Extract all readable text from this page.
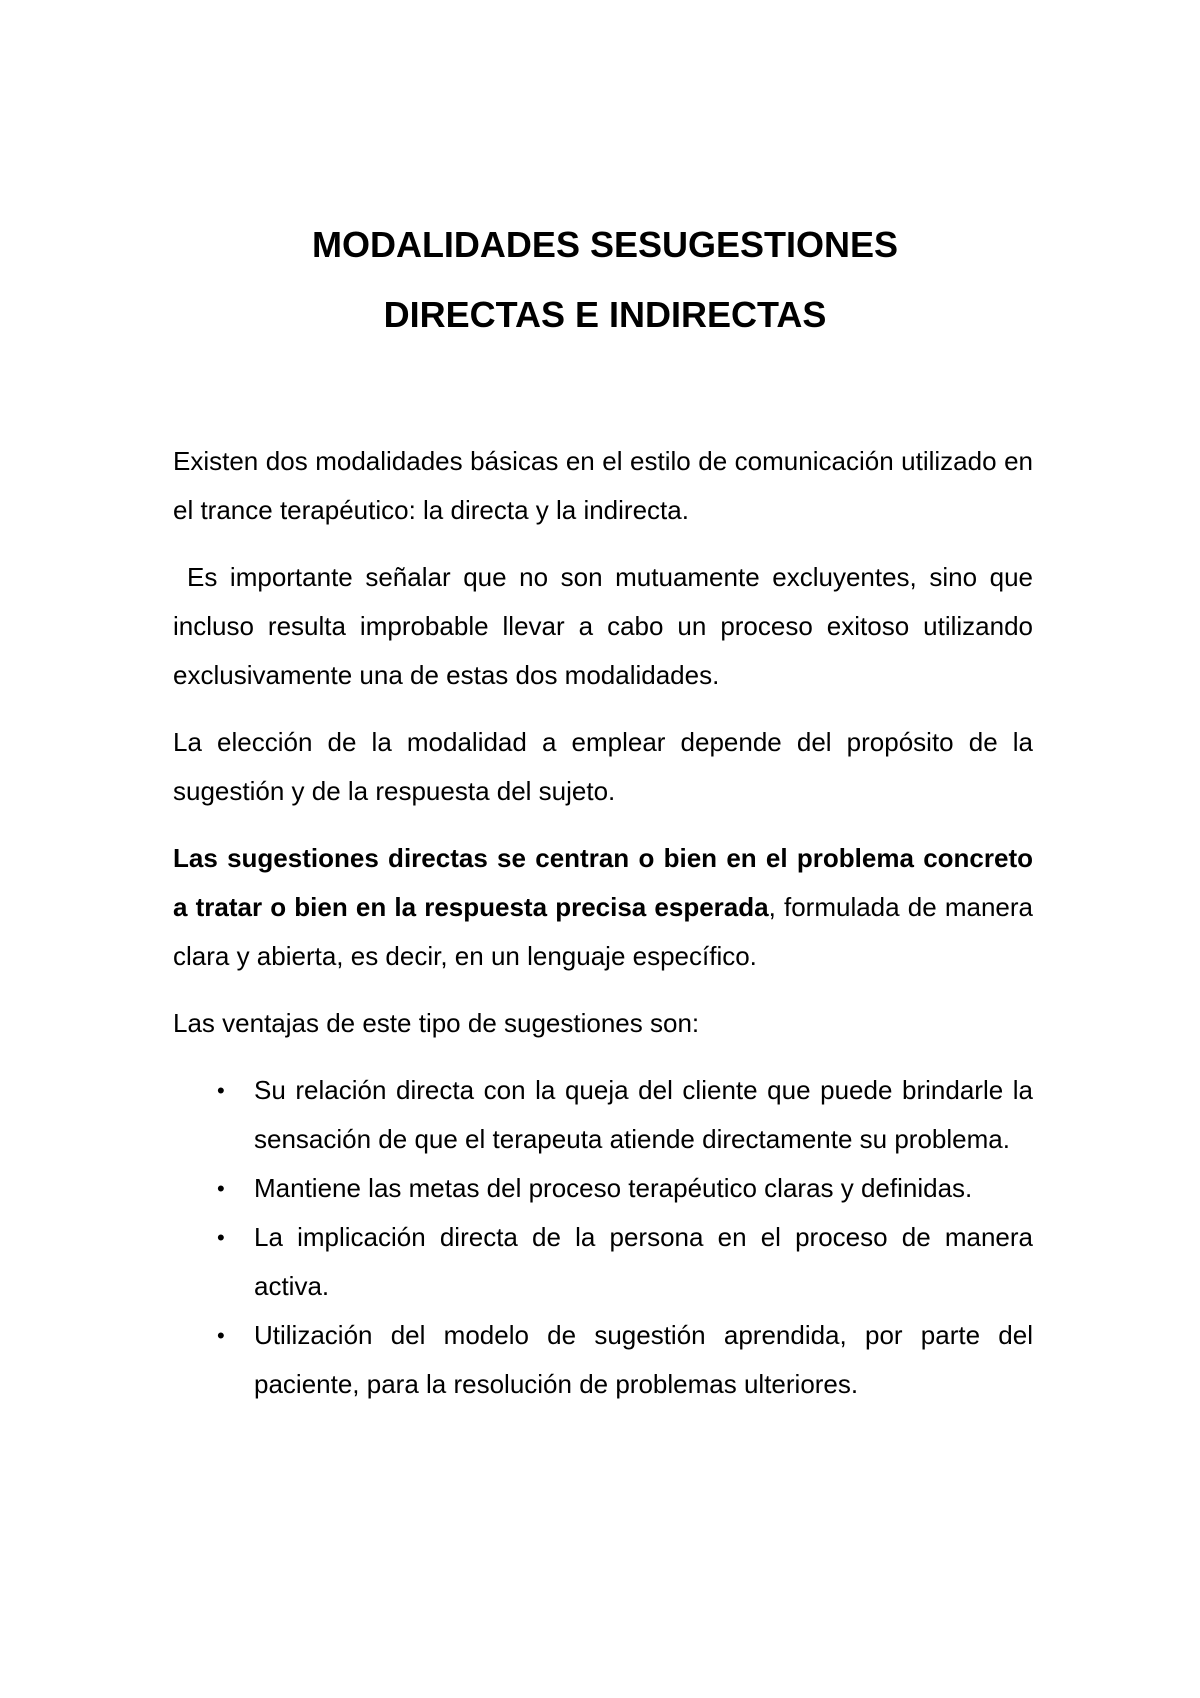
MODALIDADES SESUGESTIONES
DIRECTAS E INDIRECTAS

Existen dos modalidades básicas en el estilo de comunicación utilizado en el trance terapéutico: la directa y la indirecta.

Es importante señalar que no son mutuamente excluyentes, sino que incluso resulta improbable llevar a cabo un proceso exitoso utilizando exclusivamente una de estas dos modalidades.

La elección de la modalidad a emplear depende del propósito de la sugestión y de la respuesta del sujeto.

Las sugestiones directas se centran o bien en el problema concreto a tratar o bien en la respuesta precisa esperada, formulada de manera clara y abierta, es decir, en un lenguaje específico.

Las ventajas de este tipo de sugestiones son:

• Su relación directa con la queja del cliente que puede brindarle la sensación de que el terapeuta atiende directamente su problema.
• Mantiene las metas del proceso terapéutico claras y definidas.
• La implicación directa de la persona en el proceso de manera activa.
• Utilización del modelo de sugestión aprendida, por parte del paciente, para la resolución de problemas ulteriores.
